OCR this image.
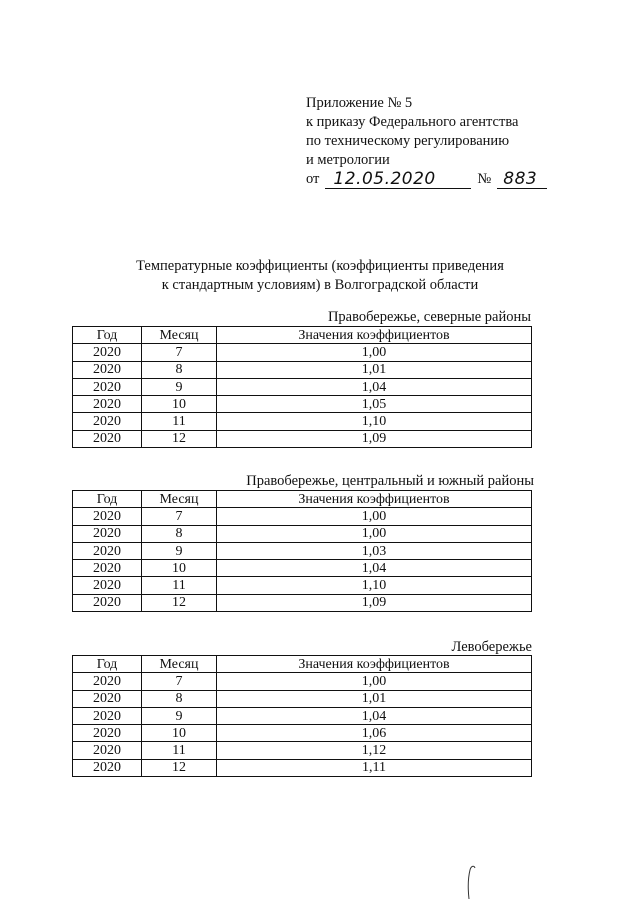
Приложение № 5
к приказу Федерального агентства
по техническому регулированию
и метрологии
от 12.05.2020	№ 883
Температурные коэффициенты (коэффициенты приведения
к стандартным условиям) в Волгоградской области
Правобережье, северные районы
Год	Месяц	Значения коэффициентов
2020	7	1,00
2020	8	1,01
2020	9	1,04
2020	10	1,05
2020	11	1,10
2020	12	1,09
Правобережье, центральный и южный районы
Год	Месяц	Значения коэффициентов
2020	7	1,00
2020	8	1,00
2020	9	1,03
2020	10	1,04
2020	11	1,10
2020	12	1,09
Левобережье
Год	Месяц	Значения коэффициентов
2020	7	1,00
2020	8	1,01
2020	9	1,04
2020	10	1,06
2020	11	1,12
2020	12	1,11
